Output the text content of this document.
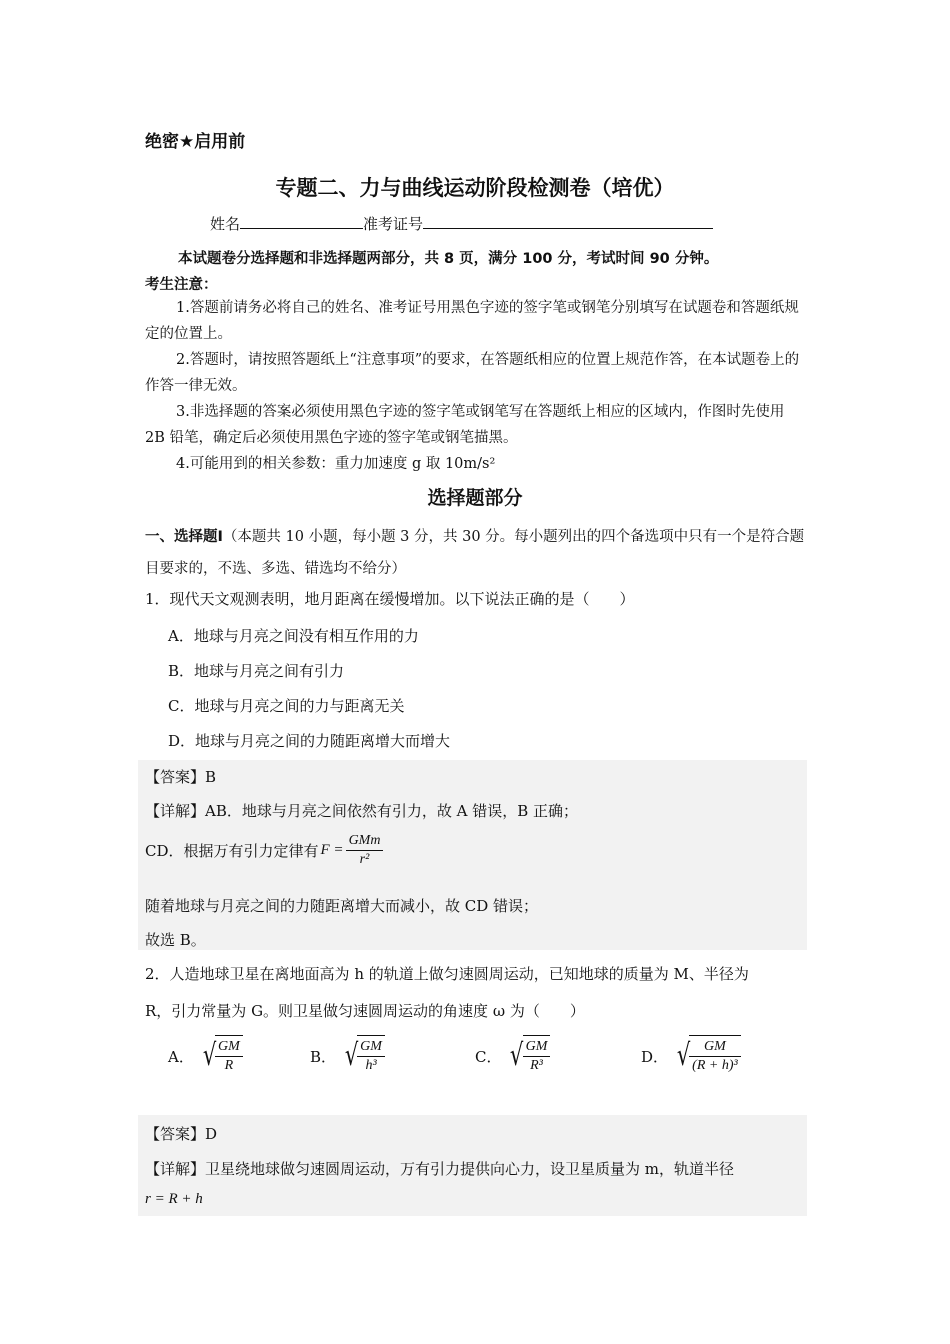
绝密★启用前
专题二、力与曲线运动阶段检测卷（培优）
姓名	准考证号
本试题卷分选择题和非选择题两部分，共 8 页，满分 100 分，考试时间 90 分钟。
考生注意：

1.答题前请务必将自己的姓名、准考证号用黑色字迹的签字笔或钢笔分别填写在试题卷和答题纸规定的位置上。

2.答题时，请按照答题纸上“注意事项”的要求，在答题纸相应的位置上规范作答，在本试题卷上的作答一律无效。

3.非选择题的答案必须使用黑色字迹的签字笔或钢笔写在答题纸上相应的区域内，作图时先使用 2B 铅笔，确定后必须使用黑色字迹的签字笔或钢笔描黑。

4.可能用到的相关参数：重力加速度 g 取 10m/s²

选择题部分
一、选择题Ⅰ（本题共 10 小题，每小题 3 分，共 30 分。每小题列出的四个备选项中只有一个是符合题目要求的，不选、多选、错选均不给分）
1．现代天文观测表明，地月距离在缓慢增加。以下说法正确的是（　　）
A．地球与月亮之间没有相互作用的力
B．地球与月亮之间有引力
C．地球与月亮之间的力与距离无关
D．地球与月亮之间的力随距离增大而增大
【答案】B
【详解】AB．地球与月亮之间依然有引力，故 A 错误，B 正确；
CD．根据万有引力定律有 $F = \frac{\text{GMm}}{\text{r²}}$
随着地球与月亮之间的力随距离增大而减小，故 CD 错误；
故选 B。
2．人造地球卫星在离地面高为 h 的轨道上做匀速圆周运动，已知地球的质量为 M、半径为
R，引力常量为 G。则卫星做匀速圆周运动的角速度 ω 为（　　）
A． √
$\frac{GM}{R}$	B． √
$\frac{GM}{\text{h³}}$	C． √
$\frac{GM}{\text{R³}}$	D． √
$\frac{GM}{\text{(R + h)³}}$
【答案】D
【详解】卫星绕地球做匀速圆周运动，万有引力提供向心力，设卫星质量为 m，轨道半径
r = R + h
